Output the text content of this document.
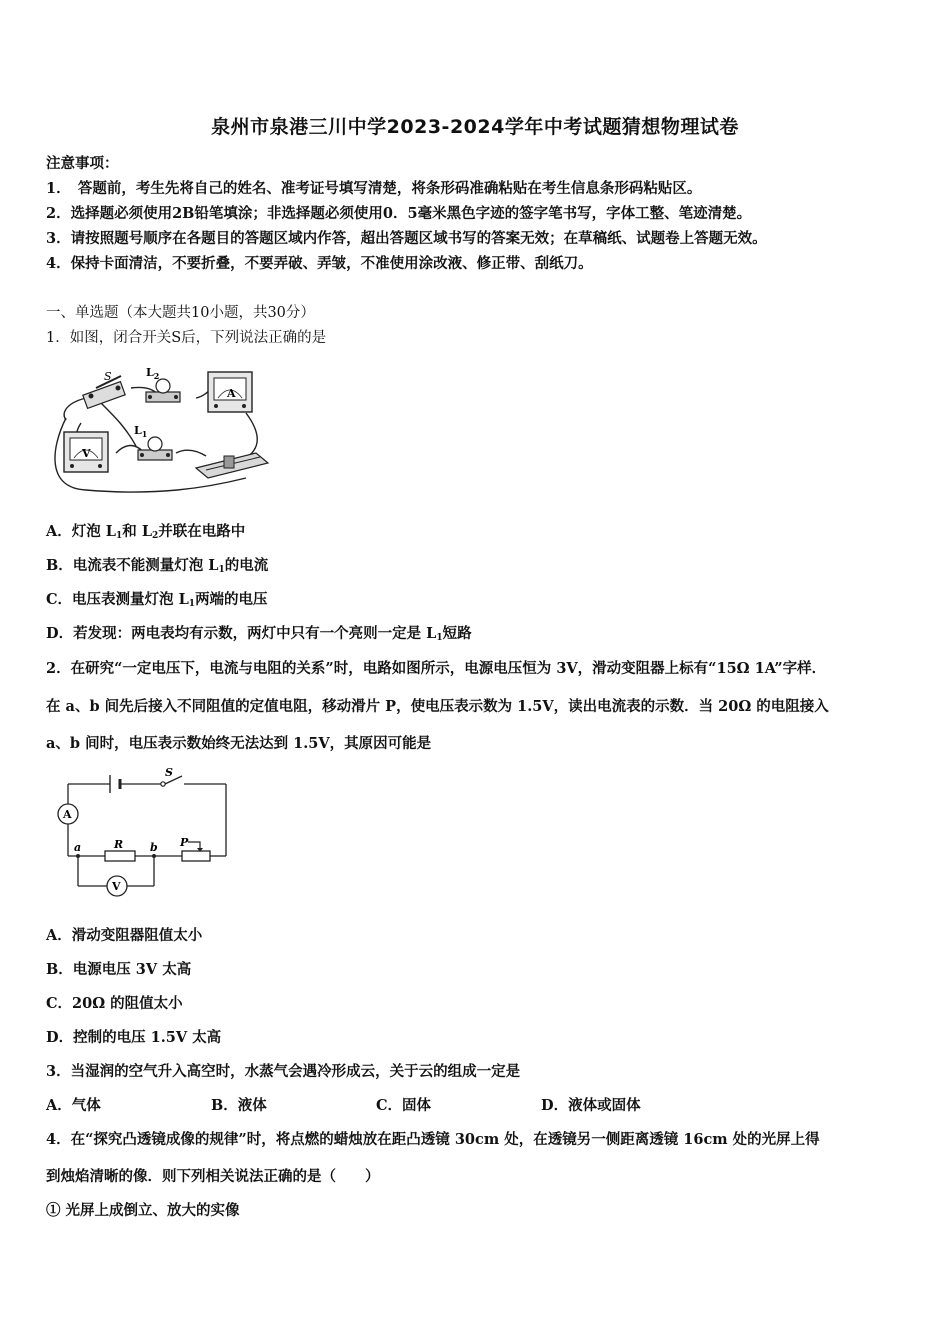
泉州市泉港三川中学2023-2024学年中考试题猜想物理试卷
注意事项：
1．　答题前，考生先将自己的姓名、准考证号填写清楚，将条形码准确粘贴在考生信息条形码粘贴区。
2．选择题必须使用2B铅笔填涂；非选择题必须使用0．5毫米黑色字迹的签字笔书写，字体工整、笔迹清楚。
3．请按照题号顺序在各题目的答题区域内作答，超出答题区域书写的答案无效；在草稿纸、试题卷上答题无效。
4．保持卡面清洁，不要折叠，不要弄破、弄皱，不准使用涂改液、修正带、刮纸刀。
一、单选题（本大题共10小题，共30分）
1．如图，闭合开关S后，下列说法正确的是
S	$L_2$
A
$L_1$
V
A．灯泡 $L_1$和 $L_2$并联在电路中
B．电流表不能测量灯泡 $L_1$的电流
C．电压表测量灯泡 $L_1$两端的电压
D．若发现：两电表均有示数，两灯中只有一个亮则一定是 $L_1$短路
2．在研究“一定电压下，电流与电阻的关系”时，电路如图所示，电源电压恒为 3V，滑动变阻器上标有“15Ω 1A”字样．
在 a、b 间先后接入不同阻值的定值电阻，移动滑片 P，使电压表示数为 1.5V，读出电流表的示数．当 20Ω 的电阻接入
a、b 间时，电压表示数始终无法达到 1.5V，其原因可能是
S
A
R
a	b P
V
A．滑动变阻器阻值太小
B．电源电压 3V 太高
C．20Ω 的阻值太小
D．控制的电压 1.5V 太高
3．当湿润的空气升入高空时，水蒸气会遇冷形成云，关于云的组成一定是
A．气体	B．液体	C．固体	D．液体或固体
4．在“探究凸透镜成像的规律”时，将点燃的蜡烛放在距凸透镜 30cm 处，在透镜另一侧距离透镜 16cm 处的光屏上得
到烛焰清晰的像．则下列相关说法正确的是（　　）
① 光屏上成倒立、放大的实像
